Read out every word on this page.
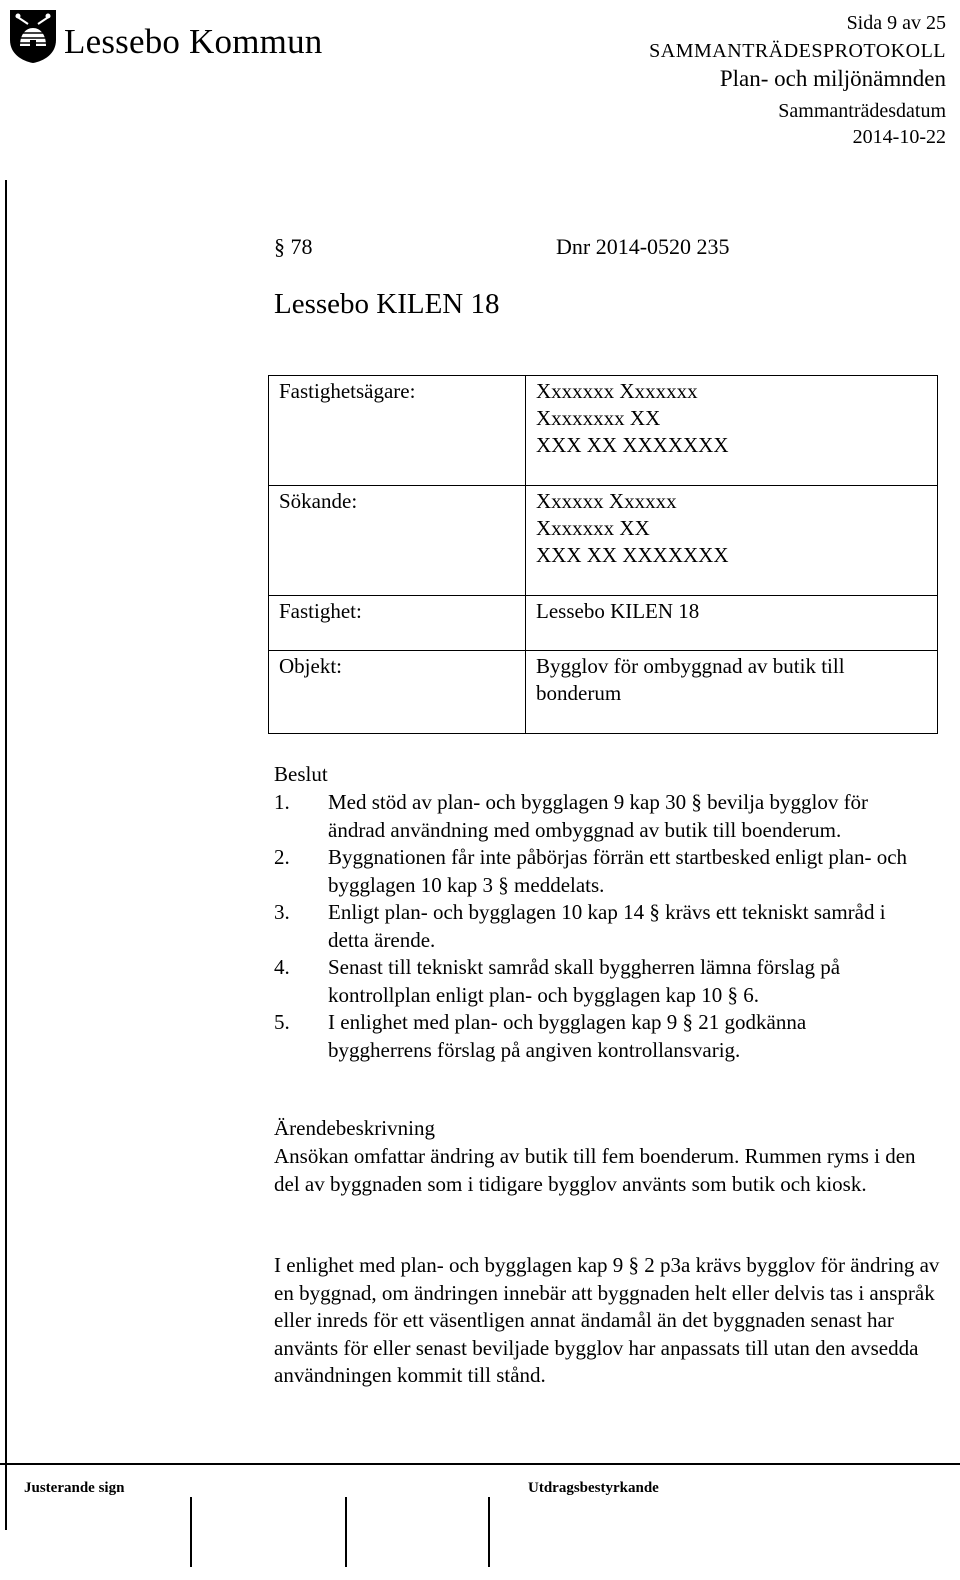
Lessebo Kommun	Sida 9 av 25
SAMMANTRÄDESPROTOKOLL
Plan- och miljönämnden
Sammanträdesdatum
2014-10-22
§ 78	Dnr 2014-0520 235
Lessebo KILEN 18
Fastighetsägare:	Xxxxxxx Xxxxxxx
Xxxxxxxx XX
XXX XX XXXXXXX

Sökande:	Xxxxxx Xxxxxx
Xxxxxxx XX
XXX XX XXXXXXX

Fastighet:	Lessebo KILEN 18
Objekt:	Bygglov för ombyggnad av butik till bonderum
Beslut
1. Med stöd av plan- och bygglagen 9 kap 30 § bevilja bygglov för ändrad användning med ombyggnad av butik till boenderum.
2. Byggnationen får inte påbörjas förrän ett startbesked enligt plan- och bygglagen 10 kap 3 § meddelats.
3. Enligt plan- och bygglagen 10 kap 14 § krävs ett tekniskt samråd i detta ärende.
4. Senast till tekniskt samråd skall byggherren lämna förslag på kontrollplan enligt plan- och bygglagen kap 10 § 6.
5. I enlighet med plan- och bygglagen kap 9 § 21 godkänna byggherrens förslag på angiven kontrollansvarig.
Ärendebeskrivning

Ansökan omfattar ändring av butik till fem boenderum. Rummen ryms i den del av byggnaden som i tidigare bygglov använts som butik och kiosk.

I enlighet med plan- och bygglagen kap 9 § 2 p3a krävs bygglov för ändring av en byggnad, om ändringen innebär att byggnaden helt eller delvis tas i anspråk eller inreds för ett väsentligen annat ändamål än det byggnaden senast har använts för eller senast beviljade bygglov har anpassats till utan den avsedda användningen kommit till stånd.

Justerande sign	Utdragsbestyrkande
